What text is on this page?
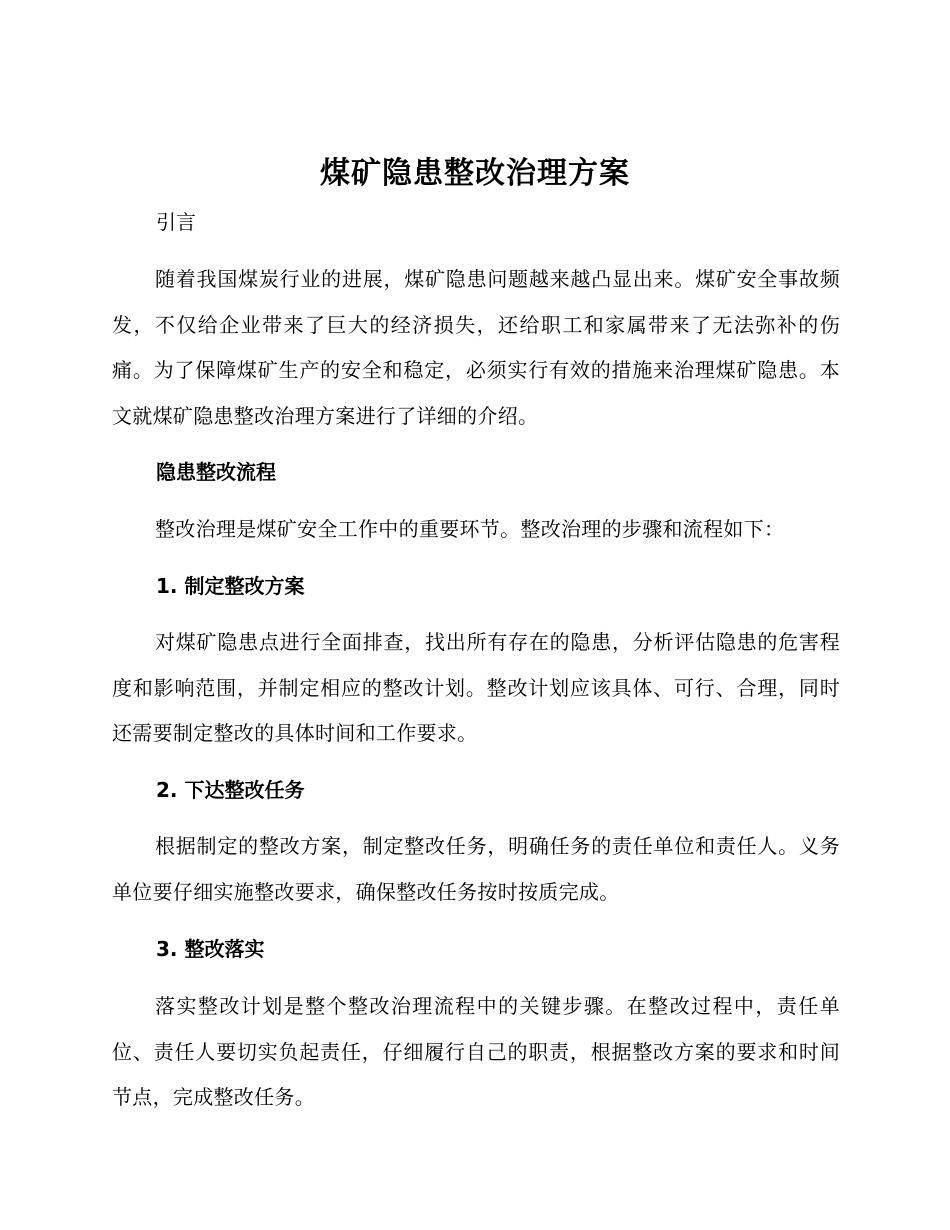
煤矿隐患整改治理方案
引言
随着我国煤炭行业的进展，煤矿隐患问题越来越凸显出来。煤矿安全事故频发，不仅给企业带来了巨大的经济损失，还给职工和家属带来了无法弥补的伤痛。为了保障煤矿生产的安全和稳定，必须实行有效的措施来治理煤矿隐患。本文就煤矿隐患整改治理方案进行了详细的介绍。
隐患整改流程
整改治理是煤矿安全工作中的重要环节。整改治理的步骤和流程如下：
1. 制定整改方案
对煤矿隐患点进行全面排查，找出所有存在的隐患，分析评估隐患的危害程度和影响范围，并制定相应的整改计划。整改计划应该具体、可行、合理，同时还需要制定整改的具体时间和工作要求。
2. 下达整改任务
根据制定的整改方案，制定整改任务，明确任务的责任单位和责任人。义务单位要仔细实施整改要求，确保整改任务按时按质完成。
3. 整改落实
落实整改计划是整个整改治理流程中的关键步骤。在整改过程中，责任单位、责任人要切实负起责任，仔细履行自己的职责，根据整改方案的要求和时间节点，完成整改任务。
